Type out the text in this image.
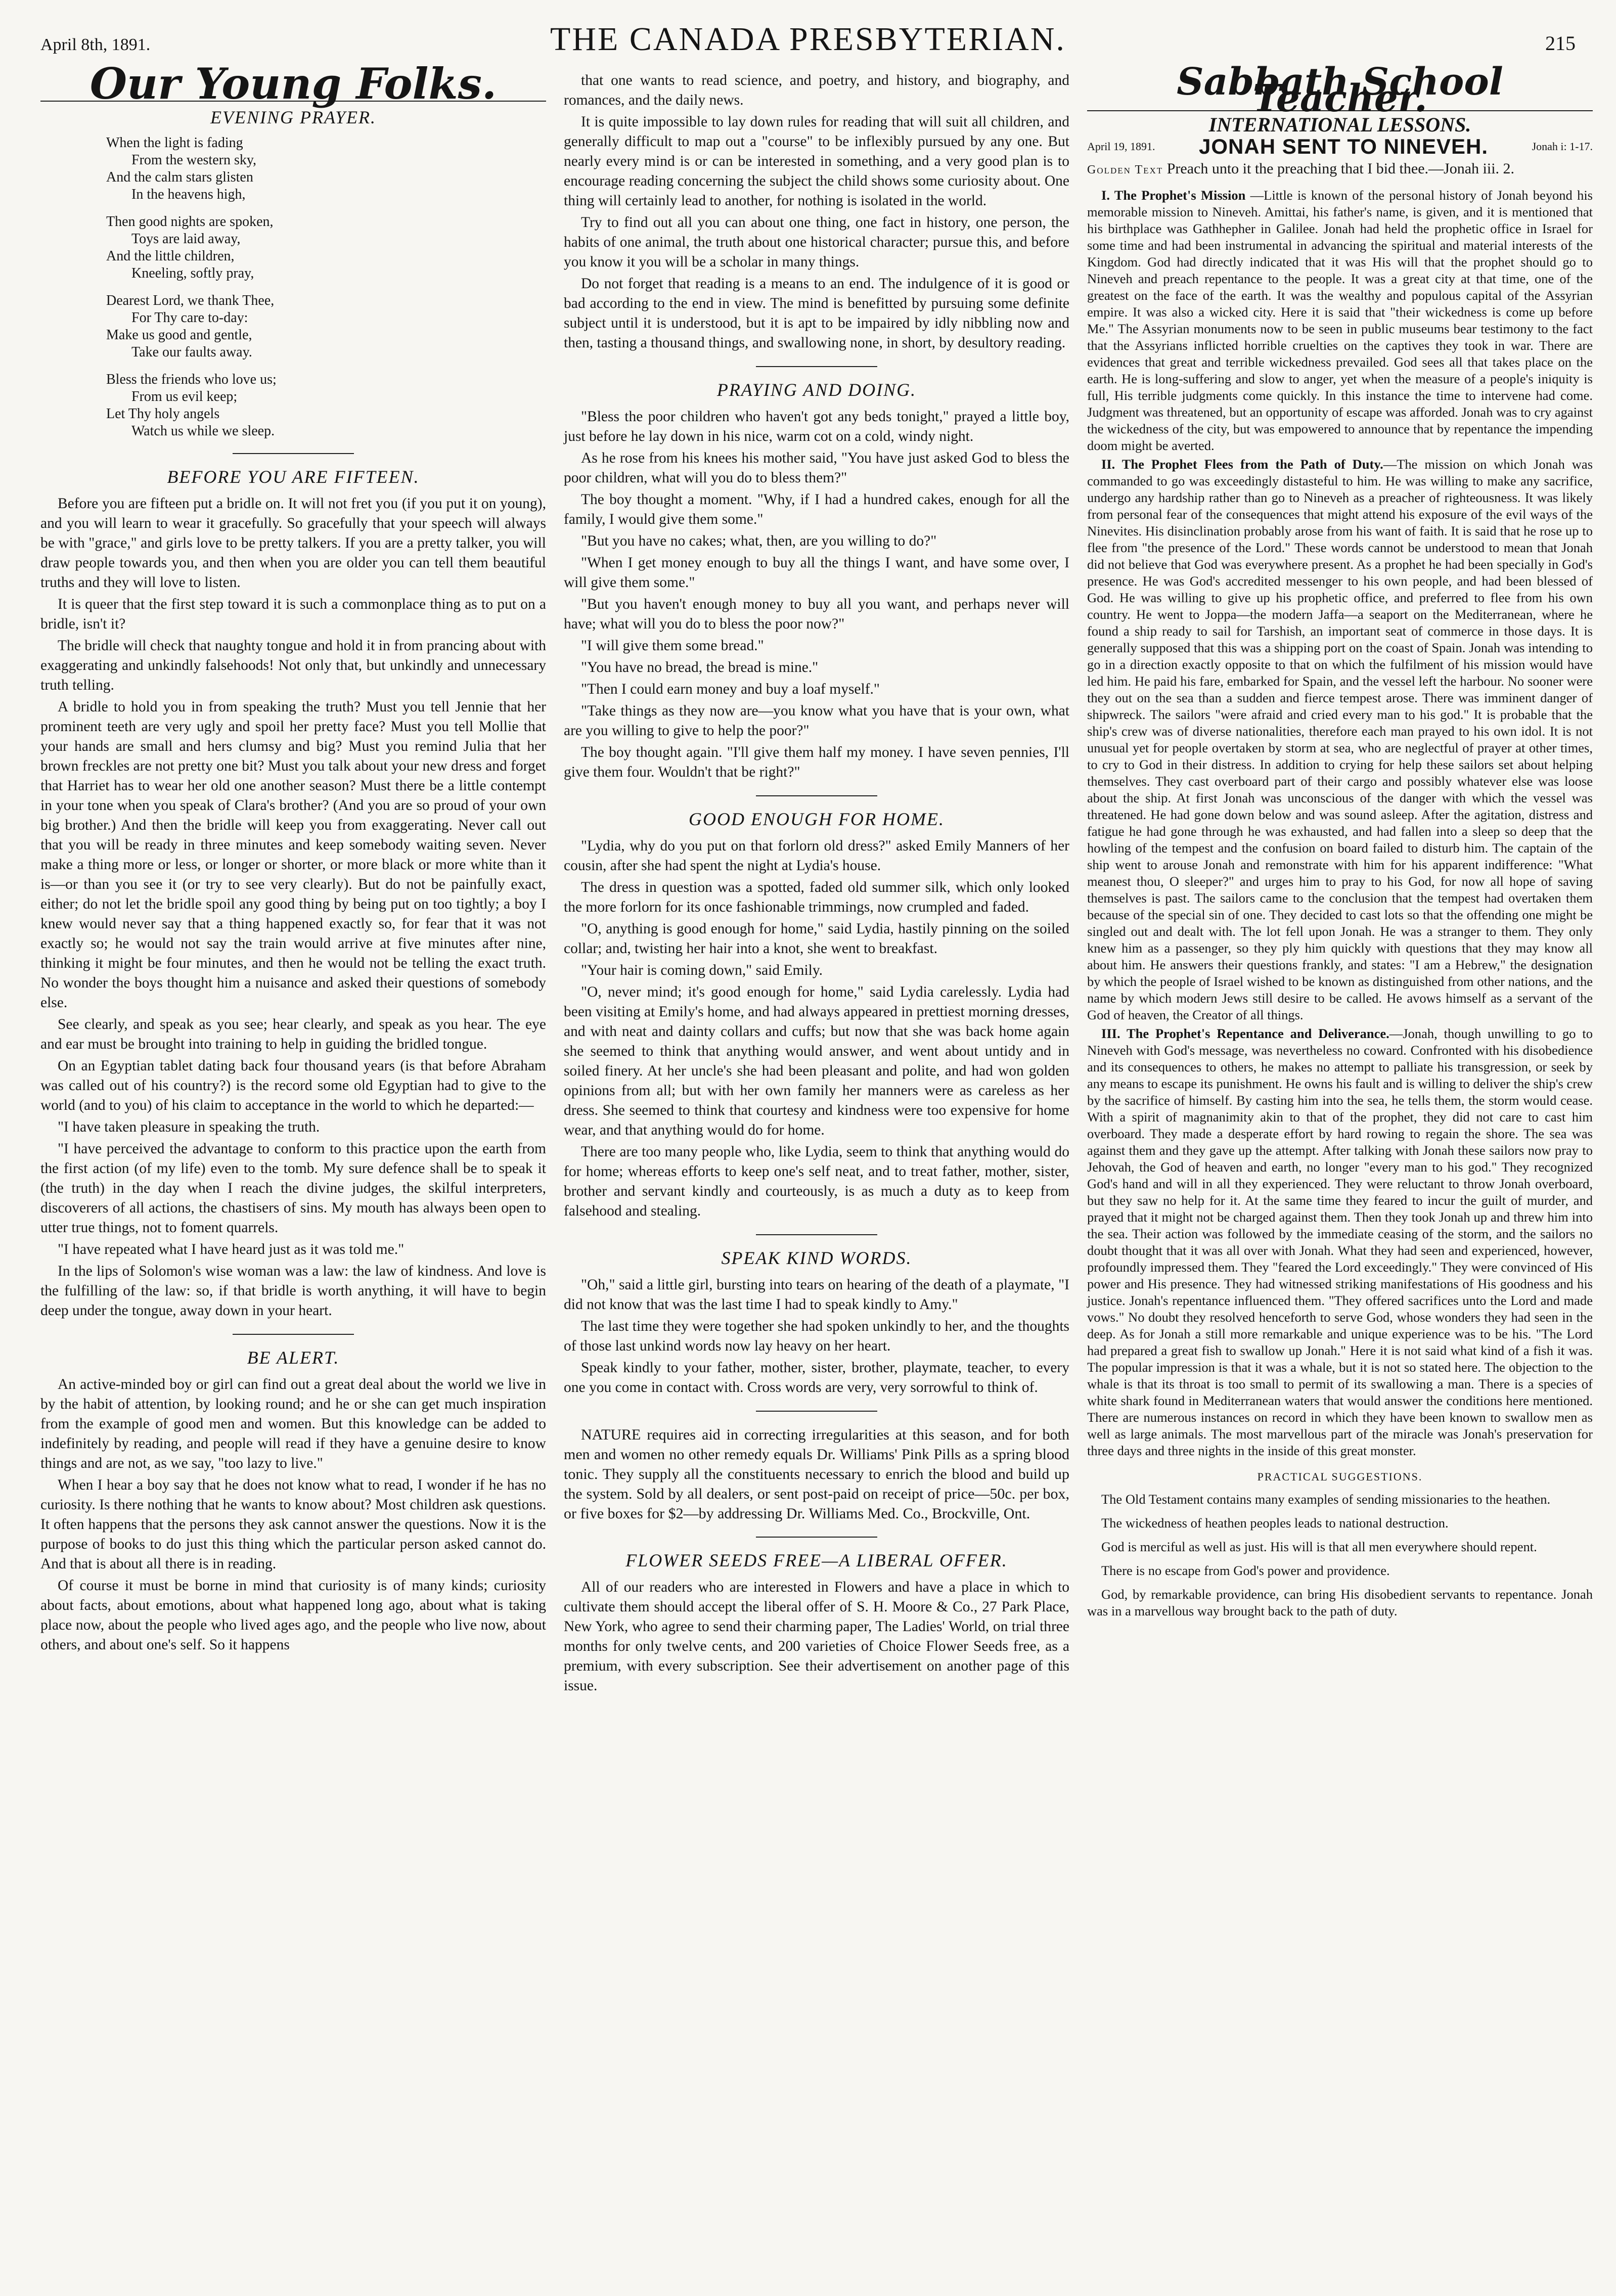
April 8th, 1891.	THE CANADA PRESBYTERIAN.	215
Our Young Folks.
EVENING PRAYER.
When the light is fading
From the western sky,
And the calm stars glisten
In the heavens high,
Then good nights are spoken,
Toys are laid away,
And the little children,
Kneeling, softly pray,
Dearest Lord, we thank Thee,
For Thy care to-day:
Make us good and gentle,
Take our faults away.
Bless the friends who love us;
From us evil keep;
Let Thy holy angels
Watch us while we sleep.
BEFORE YOU ARE FIFTEEN.

Before you are fifteen put a bridle on. It will not fret you (if you put it on young), and you will learn to wear it gracefully. So gracefully that your speech will always be with "grace," and girls love to be pretty talkers. If you are a pretty talker, you will draw people towards you, and then when you are older you can tell them beautiful truths and they will love to listen.

It is queer that the first step toward it is such a commonplace thing as to put on a bridle, isn't it?

The bridle will check that naughty tongue and hold it in from prancing about with exaggerating and unkindly falsehoods! Not only that, but unkindly and unnecessary truth telling.

A bridle to hold you in from speaking the truth? Must you tell Jennie that her prominent teeth are very ugly and spoil her pretty face? Must you tell Mollie that your hands are small and hers clumsy and big? Must you remind Julia that her brown freckles are not pretty one bit? Must you talk about your new dress and forget that Harriet has to wear her old one another season? Must there be a little contempt in your tone when you speak of Clara's brother? (And you are so proud of your own big brother.) And then the bridle will keep you from exaggerating. Never call out that you will be ready in three minutes and keep somebody waiting seven. Never make a thing more or less, or longer or shorter, or more black or more white than it is—or than you see it (or try to see very clearly). But do not be painfully exact, either; do not let the bridle spoil any good thing by being put on too tightly; a boy I knew would never say that a thing happened exactly so, for fear that it was not exactly so; he would not say the train would arrive at five minutes after nine, thinking it might be four minutes, and then he would not be telling the exact truth. No wonder the boys thought him a nuisance and asked their questions of somebody else.

See clearly, and speak as you see; hear clearly, and speak as you hear. The eye and ear must be brought into training to help in guiding the bridled tongue.

On an Egyptian tablet dating back four thousand years (is that before Abraham was called out of his country?) is the record some old Egyptian had to give to the world (and to you) of his claim to acceptance in the world to which he departed:—

"I have taken pleasure in speaking the truth.

"I have perceived the advantage to conform to this practice upon the earth from the first action (of my life) even to the tomb. My sure defence shall be to speak it (the truth) in the day when I reach the divine judges, the skilful interpreters, discoverers of all actions, the chastisers of sins. My mouth has always been open to utter true things, not to foment quarrels.

"I have repeated what I have heard just as it was told me."

In the lips of Solomon's wise woman was a law: the law of kindness. And love is the fulfilling of the law: so, if that bridle is worth anything, it will have to begin deep under the tongue, away down in your heart.

BE ALERT.

An active-minded boy or girl can find out a great deal about the world we live in by the habit of attention, by looking round; and he or she can get much inspiration from the example of good men and women. But this knowledge can be added to indefinitely by reading, and people will read if they have a genuine desire to know things and are not, as we say, "too lazy to live."

When I hear a boy say that he does not know what to read, I wonder if he has no curiosity. Is there nothing that he wants to know about? Most children ask questions. It often happens that the persons they ask cannot answer the questions. Now it is the purpose of books to do just this thing which the particular person asked cannot do. And that is about all there is in reading.

Of course it must be borne in mind that curiosity is of many kinds; curiosity about facts, about emotions, about what happened long ago, about what is taking place now, about the people who lived ages ago, and the people who live now, about others, and about one's self. So it happens

that one wants to read science, and poetry, and history, and biography, and romances, and the daily news.

It is quite impossible to lay down rules for reading that will suit all children, and generally difficult to map out a "course" to be inflexibly pursued by any one. But nearly every mind is or can be interested in something, and a very good plan is to encourage reading concerning the subject the child shows some curiosity about. One thing will certainly lead to another, for nothing is isolated in the world.

Try to find out all you can about one thing, one fact in history, one person, the habits of one animal, the truth about one historical character; pursue this, and before you know it you will be a scholar in many things.

Do not forget that reading is a means to an end. The indulgence of it is good or bad according to the end in view. The mind is benefitted by pursuing some definite subject until it is understood, but it is apt to be impaired by idly nibbling now and then, tasting a thousand things, and swallowing none, in short, by desultory reading.

PRAYING AND DOING.

"Bless the poor children who haven't got any beds tonight," prayed a little boy, just before he lay down in his nice, warm cot on a cold, windy night.

As he rose from his knees his mother said, "You have just asked God to bless the poor children, what will you do to bless them?"

The boy thought a moment. "Why, if I had a hundred cakes, enough for all the family, I would give them some."

"But you have no cakes; what, then, are you willing to do?"

"When I get money enough to buy all the things I want, and have some over, I will give them some."

"But you haven't enough money to buy all you want, and perhaps never will have; what will you do to bless the poor now?"

"I will give them some bread."

"You have no bread, the bread is mine."

"Then I could earn money and buy a loaf myself."

"Take things as they now are—you know what you have that is your own, what are you willing to give to help the poor?"

The boy thought again. "I'll give them half my money. I have seven pennies, I'll give them four. Wouldn't that be right?"

GOOD ENOUGH FOR HOME.

"Lydia, why do you put on that forlorn old dress?" asked Emily Manners of her cousin, after she had spent the night at Lydia's house.

The dress in question was a spotted, faded old summer silk, which only looked the more forlorn for its once fashionable trimmings, now crumpled and faded.

"O, anything is good enough for home," said Lydia, hastily pinning on the soiled collar; and, twisting her hair into a knot, she went to breakfast.

"Your hair is coming down," said Emily.

"O, never mind; it's good enough for home," said Lydia carelessly. Lydia had been visiting at Emily's home, and had always appeared in prettiest morning dresses, and with neat and dainty collars and cuffs; but now that she was back home again she seemed to think that anything would answer, and went about untidy and in soiled finery. At her uncle's she had been pleasant and polite, and had won golden opinions from all; but with her own family her manners were as careless as her dress. She seemed to think that courtesy and kindness were too expensive for home wear, and that anything would do for home.

There are too many people who, like Lydia, seem to think that anything would do for home; whereas efforts to keep one's self neat, and to treat father, mother, sister, brother and servant kindly and courteously, is as much a duty as to keep from falsehood and stealing.

SPEAK KIND WORDS.

"Oh," said a little girl, bursting into tears on hearing of the death of a playmate, "I did not know that was the last time I had to speak kindly to Amy."

The last time they were together she had spoken unkindly to her, and the thoughts of those last unkind words now lay heavy on her heart.

Speak kindly to your father, mother, sister, brother, playmate, teacher, to every one you come in contact with. Cross words are very, very sorrowful to think of.

NATURE requires aid in correcting irregularities at this season, and for both men and women no other remedy equals Dr. Williams' Pink Pills as a spring blood tonic. They supply all the constituents necessary to enrich the blood and build up the system. Sold by all dealers, or sent post-paid on receipt of price—50c. per box, or five boxes for $2—by addressing Dr. Williams Med. Co., Brockville, Ont.

FLOWER SEEDS FREE—A LIBERAL OFFER.

All of our readers who are interested in Flowers and have a place in which to cultivate them should accept the liberal offer of S. H. Moore & Co., 27 Park Place, New York, who agree to send their charming paper, The Ladies' World, on trial three months for only twelve cents, and 200 varieties of Choice Flower Seeds free, as a premium, with every subscription. See their advertisement on another page of this issue.

Sabbath School Teacher.
INTERNATIONAL LESSONS.
April 19, 1891. JONAH SENT TO NINEVEH.	Jonah i: 1-17.
Golden Text Preach unto it the preaching that I bid thee.—Jonah iii. 2.

I. The Prophet's Mission —Little is known of the personal history of Jonah beyond his memorable mission to Nineveh. Amittai, his father's name, is given, and it is mentioned that his birthplace was Gathhepher in Galilee. Jonah had held the prophetic office in Israel for some time and had been instrumental in advancing the spiritual and material interests of the Kingdom. God had directly indicated that it was His will that the prophet should go to Nineveh and preach repentance to the people. It was a great city at that time, one of the greatest on the face of the earth. It was the wealthy and populous capital of the Assyrian empire. It was also a wicked city. Here it is said that "their wickedness is come up before Me." The Assyrian monuments now to be seen in public museums bear testimony to the fact that the Assyrians inflicted horrible cruelties on the captives they took in war. There are evidences that great and terrible wickedness prevailed. God sees all that takes place on the earth. He is long-suffering and slow to anger, yet when the measure of a people's iniquity is full, His terrible judgments come quickly. In this instance the time to intervene had come. Judgment was threatened, but an opportunity of escape was afforded. Jonah was to cry against the wickedness of the city, but was empowered to announce that by repentance the impending doom might be averted.

II. The Prophet Flees from the Path of Duty.—The mission on which Jonah was commanded to go was exceedingly distasteful to him. He was willing to make any sacrifice, undergo any hardship rather than go to Nineveh as a preacher of righteousness. It was likely from personal fear of the consequences that might attend his exposure of the evil ways of the Ninevites. His disinclination probably arose from his want of faith. It is said that he rose up to flee from "the presence of the Lord." These words cannot be understood to mean that Jonah did not believe that God was everywhere present. As a prophet he had been specially in God's presence. He was God's accredited messenger to his own people, and had been blessed of God. He was willing to give up his prophetic office, and preferred to flee from his own country. He went to Joppa—the modern Jaffa—a seaport on the Mediterranean, where he found a ship ready to sail for Tarshish, an important seat of commerce in those days. It is generally supposed that this was a shipping port on the coast of Spain. Jonah was intending to go in a direction exactly opposite to that on which the fulfilment of his mission would have led him. He paid his fare, embarked for Spain, and the vessel left the harbour. No sooner were they out on the sea than a sudden and fierce tempest arose. There was imminent danger of shipwreck. The sailors "were afraid and cried every man to his god." It is probable that the ship's crew was of diverse nationalities, therefore each man prayed to his own idol. It is not unusual yet for people overtaken by storm at sea, who are neglectful of prayer at other times, to cry to God in their distress. In addition to crying for help these sailors set about helping themselves. They cast overboard part of their cargo and possibly whatever else was loose about the ship. At first Jonah was unconscious of the danger with which the vessel was threatened. He had gone down below and was sound asleep. After the agitation, distress and fatigue he had gone through he was exhausted, and had fallen into a sleep so deep that the howling of the tempest and the confusion on board failed to disturb him. The captain of the ship went to arouse Jonah and remonstrate with him for his apparent indifference: "What meanest thou, O sleeper?" and urges him to pray to his God, for now all hope of saving themselves is past. The sailors came to the conclusion that the tempest had overtaken them because of the special sin of one. They decided to cast lots so that the offending one might be singled out and dealt with. The lot fell upon Jonah. He was a stranger to them. They only knew him as a passenger, so they ply him quickly with questions that they may know all about him. He answers their questions frankly, and states: "I am a Hebrew," the designation by which the people of Israel wished to be known as distinguished from other nations, and the name by which modern Jews still desire to be called. He avows himself as a servant of the God of heaven, the Creator of all things.

III. The Prophet's Repentance and Deliverance.—Jonah, though unwilling to go to Nineveh with God's message, was nevertheless no coward. Confronted with his disobedience and its consequences to others, he makes no attempt to palliate his transgression, or seek by any means to escape its punishment. He owns his fault and is willing to deliver the ship's crew by the sacrifice of himself. By casting him into the sea, he tells them, the storm would cease. With a spirit of magnanimity akin to that of the prophet, they did not care to cast him overboard. They made a desperate effort by hard rowing to regain the shore. The sea was against them and they gave up the attempt. After talking with Jonah these sailors now pray to Jehovah, the God of heaven and earth, no longer "every man to his god." They recognized God's hand and will in all they experienced. They were reluctant to throw Jonah overboard, but they saw no help for it. At the same time they feared to incur the guilt of murder, and prayed that it might not be charged against them. Then they took Jonah up and threw him into the sea. Their action was followed by the immediate ceasing of the storm, and the sailors no doubt thought that it was all over with Jonah. What they had seen and experienced, however, profoundly impressed them. They "feared the Lord exceedingly." They were convinced of His power and His presence. They had witnessed striking manifestations of His goodness and his justice. Jonah's repentance influenced them. "They offered sacrifices unto the Lord and made vows." No doubt they resolved henceforth to serve God, whose wonders they had seen in the deep. As for Jonah a still more remarkable and unique experience was to be his. "The Lord had prepared a great fish to swallow up Jonah." Here it is not said what kind of a fish it was. The popular impression is that it was a whale, but it is not so stated here. The objection to the whale is that its throat is too small to permit of its swallowing a man. There is a species of white shark found in Mediterranean waters that would answer the conditions here mentioned. There are numerous instances on record in which they have been known to swallow men as well as large animals. The most marvellous part of the miracle was Jonah's preservation for three days and three nights in the inside of this great monster.

PRACTICAL SUGGESTIONS.

The Old Testament contains many examples of sending missionaries to the heathen.

The wickedness of heathen peoples leads to national destruction.

God is merciful as well as just. His will is that all men everywhere should repent.

There is no escape from God's power and providence.

God, by remarkable providence, can bring His disobedient servants to repentance. Jonah was in a marvellous way brought back to the path of duty.
